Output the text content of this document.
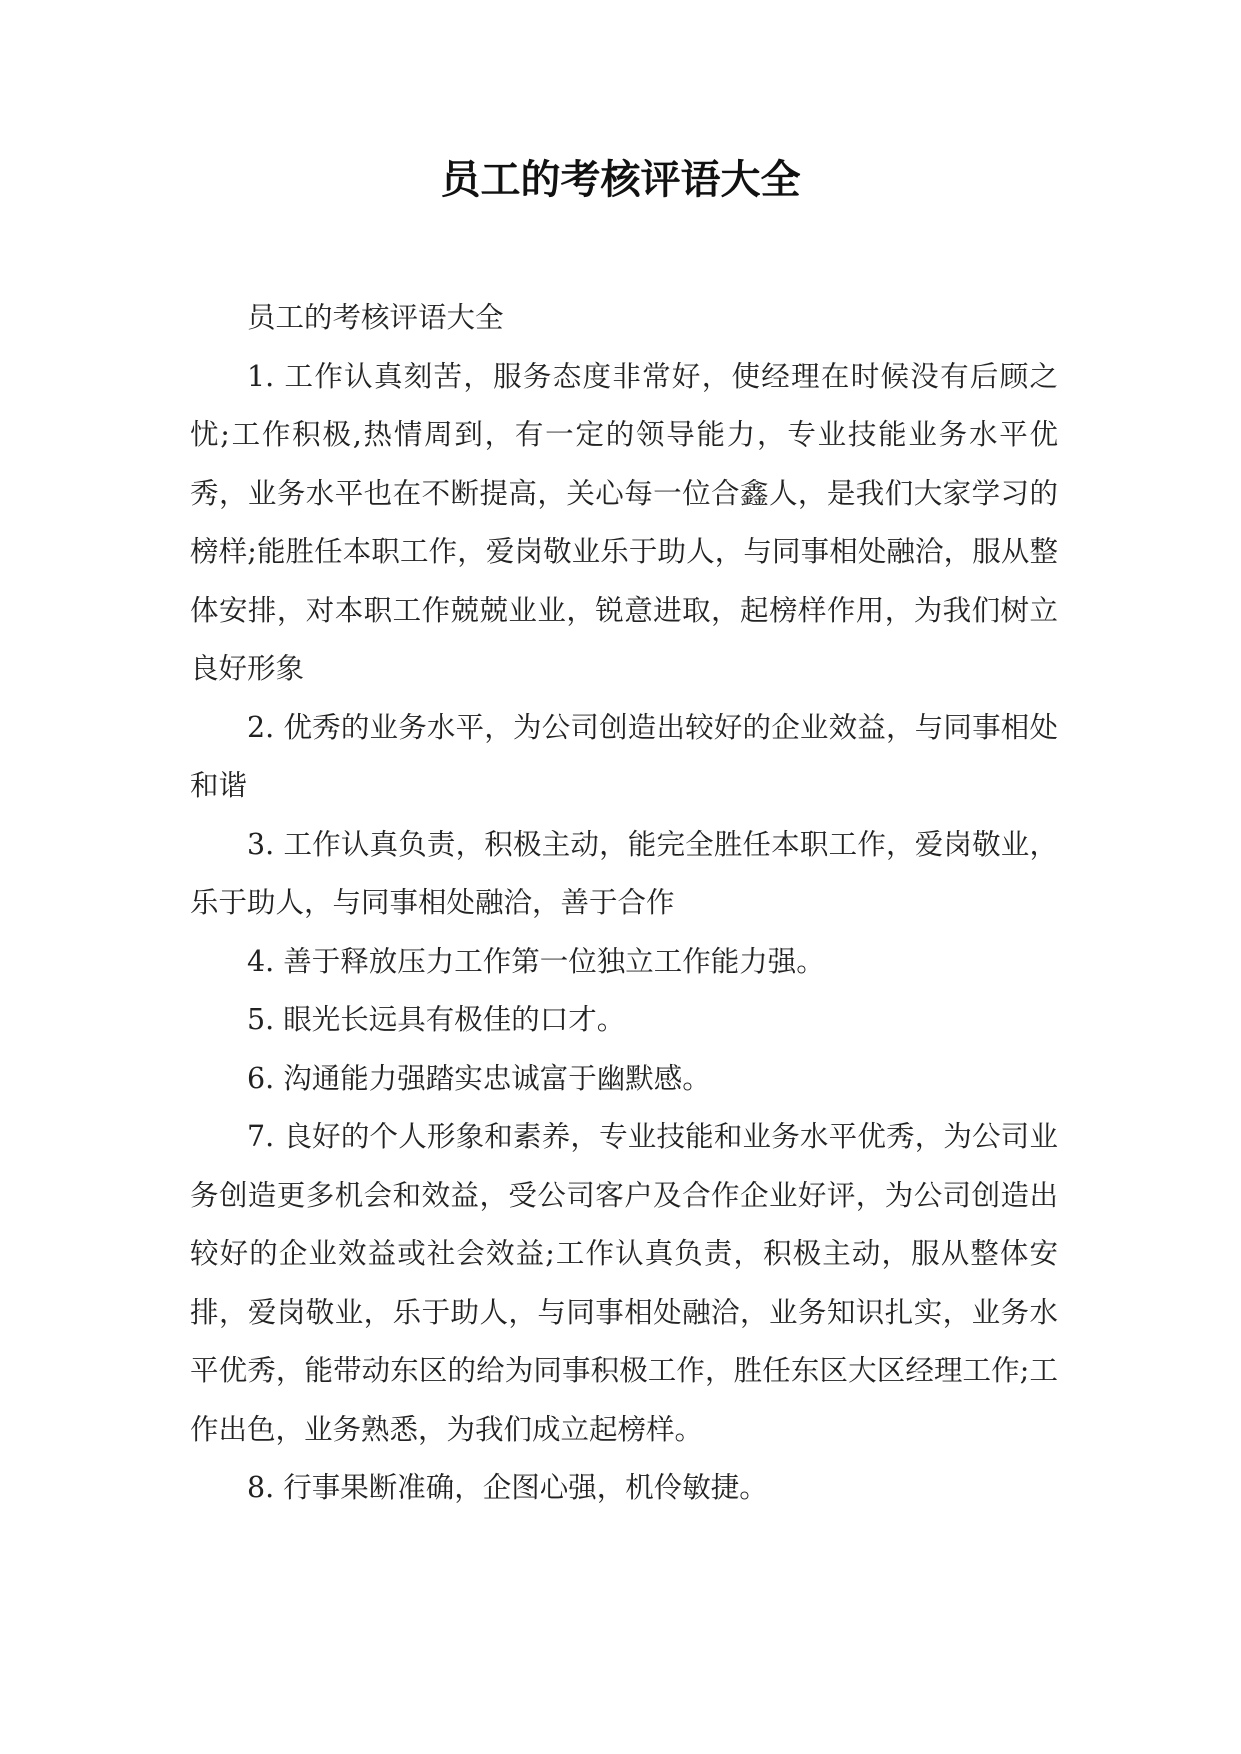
员工的考核评语大全

员工的考核评语大全

1. 工作认真刻苦，服务态度非常好，使经理在时候没有后顾之忧;工作积极,热情周到，有一定的领导能力，专业技能业务水平优秀，业务水平也在不断提高，关心每一位合鑫人，是我们大家学习的榜样;能胜任本职工作，爱岗敬业乐于助人，与同事相处融洽，服从整体安排，对本职工作兢兢业业，锐意进取，起榜样作用，为我们树立良好形象

2. 优秀的业务水平，为公司创造出较好的企业效益，与同事相处和谐

3. 工作认真负责，积极主动，能完全胜任本职工作，爱岗敬业，乐于助人，与同事相处融洽，善于合作

4. 善于释放压力工作第一位独立工作能力强。

5. 眼光长远具有极佳的口才。

6. 沟通能力强踏实忠诚富于幽默感。

7. 良好的个人形象和素养，专业技能和业务水平优秀，为公司业务创造更多机会和效益，受公司客户及合作企业好评，为公司创造出较好的企业效益或社会效益;工作认真负责，积极主动，服从整体安排，爱岗敬业，乐于助人，与同事相处融洽，业务知识扎实，业务水平优秀，能带动东区的给为同事积极工作，胜任东区大区经理工作;工作出色，业务熟悉，为我们成立起榜样。

8. 行事果断准确，企图心强，机伶敏捷。
